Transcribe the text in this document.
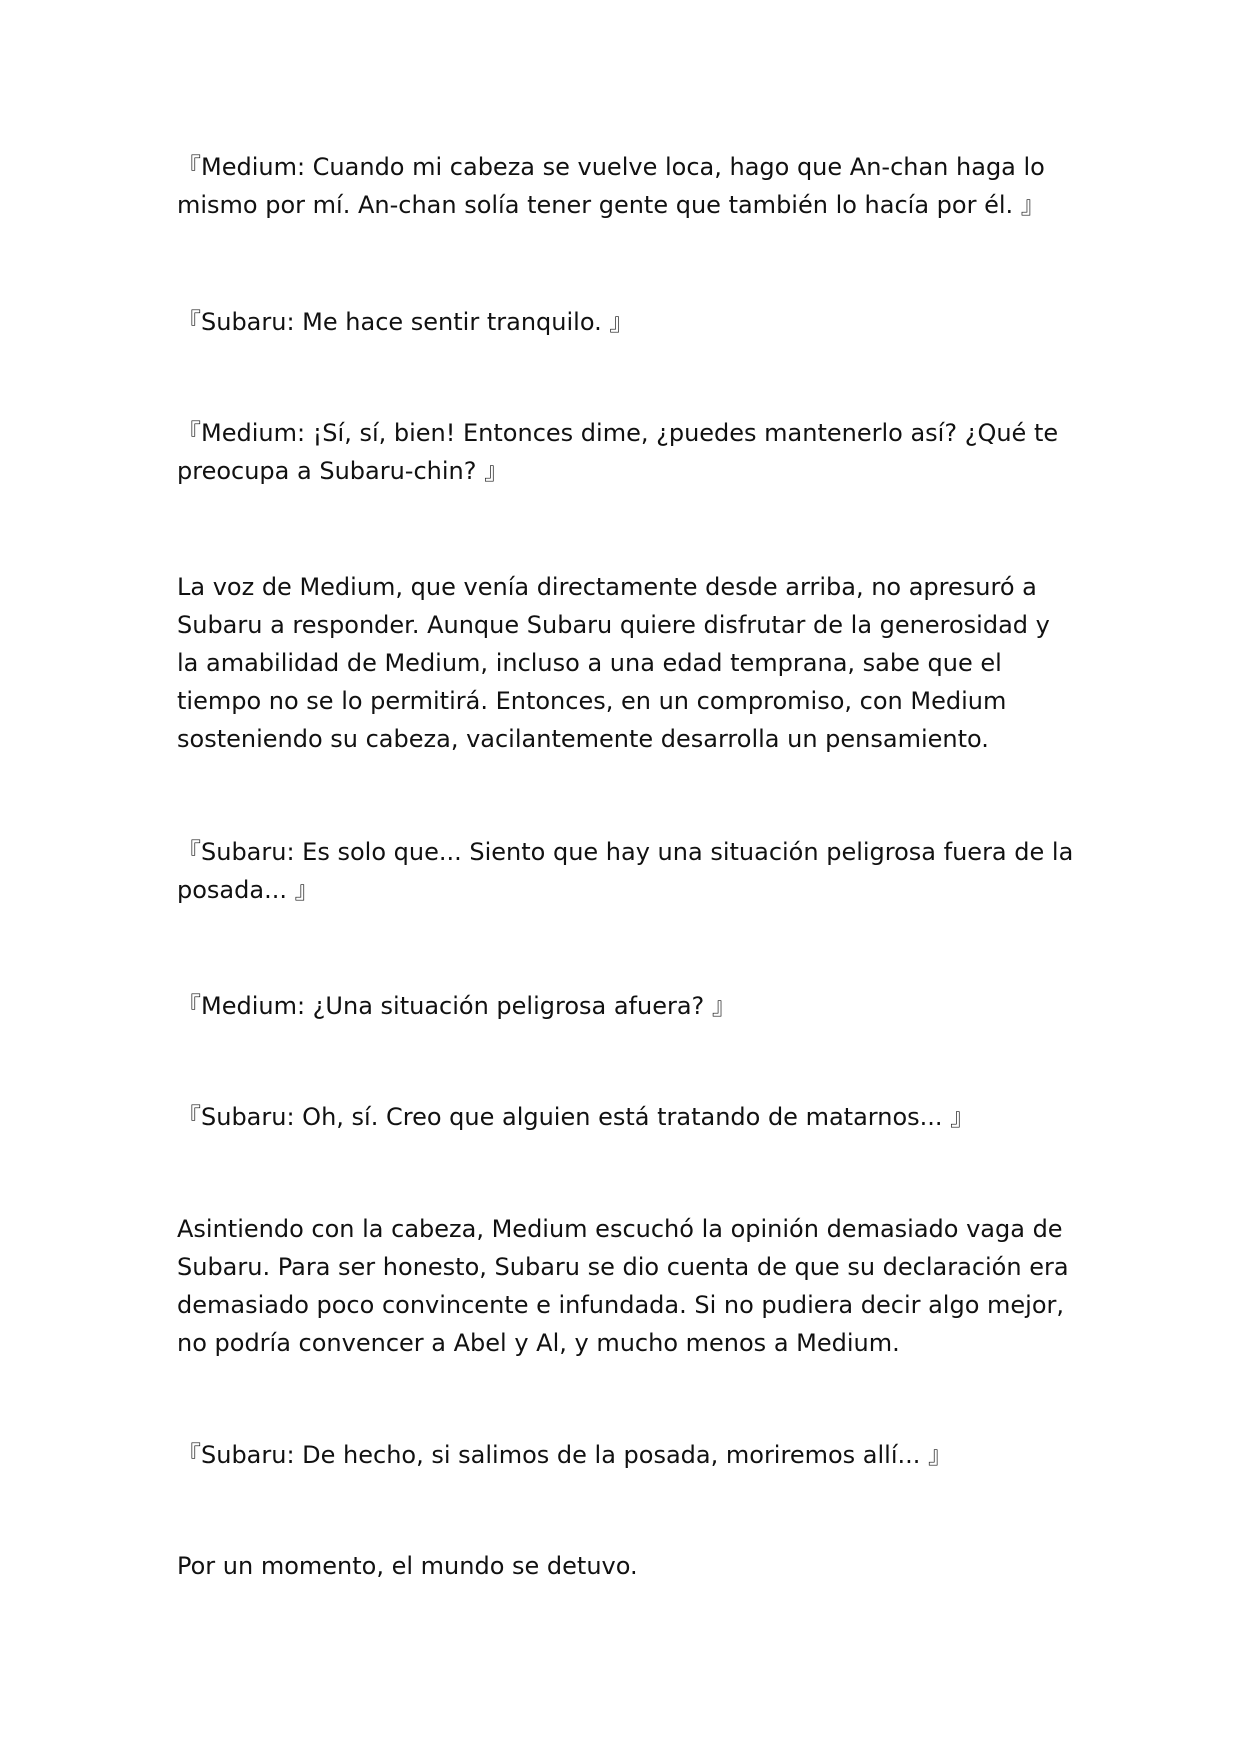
『Medium: Cuando mi cabeza se vuelve loca, hago que An-chan haga lo mismo por mí. An-chan solía tener gente que también lo hacía por él. 』

『Subaru: Me hace sentir tranquilo. 』

『Medium: ¡Sí, sí, bien! Entonces dime, ¿puedes mantenerlo así? ¿Qué te preocupa a Subaru-chin? 』

La voz de Medium, que venía directamente desde arriba, no apresuró a Subaru a responder. Aunque Subaru quiere disfrutar de la generosidad y la amabilidad de Medium, incluso a una edad temprana, sabe que el tiempo no se lo permitirá. Entonces, en un compromiso, con Medium sosteniendo su cabeza, vacilantemente desarrolla un pensamiento.

『Subaru: Es solo que... Siento que hay una situación peligrosa fuera de la posada... 』

『Medium: ¿Una situación peligrosa afuera? 』

『Subaru: Oh, sí. Creo que alguien está tratando de matarnos... 』

Asintiendo con la cabeza, Medium escuchó la opinión demasiado vaga de Subaru. Para ser honesto, Subaru se dio cuenta de que su declaración era demasiado poco convincente e infundada. Si no pudiera decir algo mejor, no podría convencer a Abel y Al, y mucho menos a Medium.

『Subaru: De hecho, si salimos de la posada, moriremos allí... 』

Por un momento, el mundo se detuvo.
